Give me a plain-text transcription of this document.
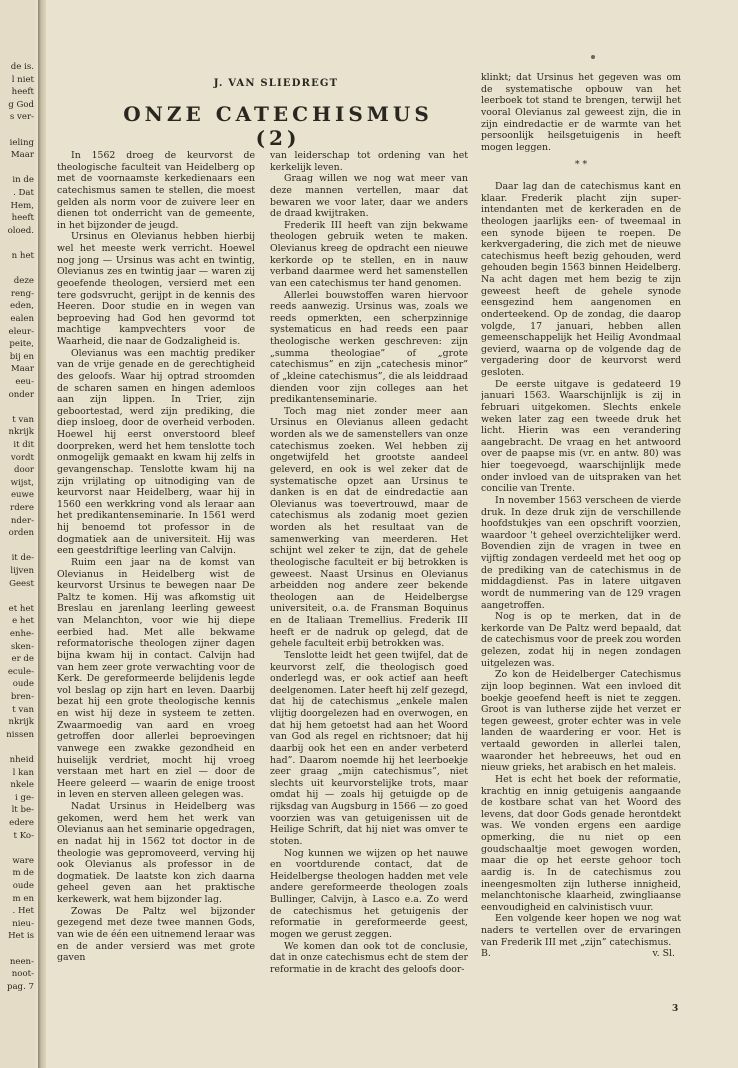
de is.
l niet
heeft
g God
s ver-
ieling
Maar
in de
. Dat
Hem,
heeft
oloed.
n het
deze
reng-
eden,
ealen
eleur-
peite,
bij en
Maar
eeu-
onder
t van
nkrijk
it dit
vordt
door
wijst,
euwe
rdere
nder-
orden
it de-
lijven
Geest
et het
e het
enhe-
sken-
er de
ecule-
oude
bren-
t van
nkrijk
nissen
nheid
l kan
nkele
i ge-
lt be-
edere
t Ko-
ware
m de
oude
m en
. Het
nieu-
Het is
neen-
noot-
pag. 7
J. VAN SLIEDREGT
ONZE CATECHISMUS (2)

In 1562 droeg de keurvorst de theologische faculteit van Heidelberg op met de voornaamste kerkedienaars een catechismus samen te stellen, die moest gelden als norm voor de zuivere leer en dienen tot onderricht van de gemeente, in het bijzonder de jeugd.

Ursinus en Olevianus hebben hierbij wel het meeste werk verricht. Hoewel nog jong — Ursinus was acht en twintig, Olevianus zes en twintig jaar — waren zij geoefende theologen, versierd met een tere godsvrucht, gerijpt in de kennis des Heeren. Door studie en in wegen van beproeving had God hen gevormd tot machtige kampvechters voor de Waarheid, die naar de Godzaligheid is.

Olevianus was een machtig prediker van de vrije genade en de gerechtigheid des geloofs. Waar hij optrad stroomden de scharen samen en hingen ademloos aan zijn lippen. In Trier, zijn geboortestad, werd zijn prediking, die diep insloeg, door de overheid verboden. Hoewel hij eerst onverstoord bleef doorpreken, werd het hem tenslotte toch onmogelijk gemaakt en kwam hij zelfs in gevangenschap. Tenslotte kwam hij na zijn vrijlating op uitnodiging van de keurvorst naar Heidelberg, waar hij in 1560 een werkkring vond als leraar aan het predikantenseminarie. In 1561 werd hij benoemd tot professor in de dogmatiek aan de universiteit. Hij was een geestdriftige leerling van Calvijn.

Ruim een jaar na de komst van Olevianus in Heidelberg wist de keurvorst Ursinus te bewegen naar De Paltz te komen. Hij was afkomstig uit Breslau en jarenlang leerling geweest van Melanchton, voor wie hij diepe eerbied had. Met alle bekwame reformatorische theologen zijner dagen bijna kwam hij in contact. Calvijn had van hem zeer grote verwachting voor de Kerk. De gereformeerde belijdenis legde vol beslag op zijn hart en leven. Daarbij bezat hij een grote theologische kennis en wist hij deze in systeem te zetten. Zwaarmoedig van aard en vroeg getroffen door allerlei beproevingen vanwege een zwakke gezondheid en huiselijk verdriet, mocht hij vroeg verstaan met hart en ziel — door de Heere geleerd — waarin de enige troost in leven en sterven alleen gelegen was.

Nadat Ursinus in Heidelberg was gekomen, werd hem het werk van Olevianus aan het seminarie opgedragen, en nadat hij in 1562 tot doctor in de theologie was gepromoveerd, verving hij ook Olevianus als professor in de dogmatiek. De laatste kon zich daarna geheel geven aan het praktische kerkewerk, wat hem bijzonder lag.

Zowas De Paltz wel bijzonder gezegend met deze twee mannen Gods, van wie de één een uitnemend leraar was en de ander versierd was met grote gaven

van leiderschap tot ordening van het kerkelijk leven.

Graag willen we nog wat meer van deze mannen vertellen, maar dat bewaren we voor later, daar we anders de draad kwijtraken.

Frederik III heeft van zijn bekwame theologen gebruik weten te maken. Olevianus kreeg de opdracht een nieuwe kerkorde op te stellen, en in nauw verband daarmee werd het samenstellen van een catechismus ter hand genomen.

Allerlei bouwstoffen waren hiervoor reeds aanwezig. Ursinus was, zoals we reeds opmerkten, een scherpzinnige systematicus en had reeds een paar theologische werken geschreven: zijn „summa theologiae” of „grote catechismus” en zijn „catechesis minor” of „kleine catechismus”, die als leiddraad dienden voor zijn colleges aan het predikantenseminarie.

Toch mag niet zonder meer aan Ursinus en Olevianus alleen gedacht worden als we de samenstellers van onze catechismus zoeken. Wel hebben zij ongetwijfeld het grootste aandeel geleverd, en ook is wel zeker dat de systematische opzet aan Ursinus te danken is en dat de eindredactie aan Olevianus was toevertrouwd, maar de catechismus als zodanig moet gezien worden als het resultaat van de samenwerking van meerderen. Het schijnt wel zeker te zijn, dat de gehele theologische faculteit er bij betrokken is geweest. Naast Ursinus en Olevianus arbeidden nog andere zeer bekende theologen aan de Heidelbergse universiteit, o.a. de Fransman Boquinus en de Italiaan Tremellius. Frederik III heeft er de nadruk op gelegd, dat de gehele faculteit erbij betrokken was.

Tenslotte leidt het geen twijfel, dat de keurvorst zelf, die theologisch goed onderlegd was, er ook actief aan heeft deelgenomen. Later heeft hij zelf gezegd, dat hij de catechismus „enkele malen vlijtig doorgelezen had en overwogen, en dat hij hem getoetst had aan het Woord van God als regel en richtsnoer; dat hij daarbij ook het een en ander verbeterd had”. Daarom noemde hij het leerboekje zeer graag „mijn catechismus”, niet slechts uit keurvorstelijke trots, maar omdat hij — zoals hij getuigde op de rijksdag van Augsburg in 1566 — zo goed voorzien was van getuigenissen uit de Heilige Schrift, dat hij niet was omver te stoten.

Nog kunnen we wijzen op het nauwe en voortdurende contact, dat de Heidelbergse theologen hadden met vele andere gereformeerde theologen zoals Bullinger, Calvijn, à Lasco e.a. Zo werd de catechismus het getuigenis der reformatie in gereformeerde geest, mogen we gerust zeggen.

We komen dan ook tot de conclusie, dat in onze catechismus echt de stem der reformatie in de kracht des geloofs door-

klinkt; dat Ursinus het gegeven was om de systematische opbouw van het leerboek tot stand te brengen, terwijl het vooral Olevianus zal geweest zijn, die in zijn eindredactie er de warmte van het persoonlijk heilsgetuigenis in heeft mogen leggen.

* *

Daar lag dan de catechismus kant en klaar. Frederik placht zijn super-intendanten met de kerkeraden en de theologen jaarlijks een- of tweemaal in een synode bijeen te roepen. De kerkvergadering, die zich met de nieuwe catechismus heeft bezig gehouden, werd gehouden begin 1563 binnen Heidelberg. Na acht dagen met hem bezig te zijn geweest heeft de gehele synode eensgezind hem aangenomen en onderteekend. Op de zondag, die daarop volgde, 17 januari, hebben allen gemeenschappelijk het Heilig Avondmaal gevierd, waarna op de volgende dag de vergadering door de keurvorst werd gesloten.

De eerste uitgave is gedateerd 19 januari 1563. Waarschijnlijk is zij in februari uitgekomen. Slechts enkele weken later zag een tweede druk het licht. Hierin was een verandering aangebracht. De vraag en het antwoord over de paapse mis (vr. en antw. 80) was hier toegevoegd, waarschijnlijk mede onder invloed van de uitspraken van het concilie van Trente.

In november 1563 verscheen de vierde druk. In deze druk zijn de verschillende hoofdstukjes van een opschrift voorzien, waardoor 't geheel overzichtelijker werd. Bovendien zijn de vragen in twee en vijftig zondagen verdeeld met het oog op de prediking van de catechismus in de middagdienst. Pas in latere uitgaven wordt de nummering van de 129 vragen aangetroffen.

Nog is op te merken, dat in de kerkorde van De Paltz werd bepaald, dat de catechismus voor de preek zou worden gelezen, zodat hij in negen zondagen uitgelezen was.

Zo kon de Heidelberger Catechismus zijn loop beginnen. Wat een invloed dit boekje geoefend heeft is niet te zeggen. Groot is van lutherse zijde het verzet er tegen geweest, groter echter was in vele landen de waardering er voor. Het is vertaald geworden in allerlei talen, waaronder het hebreeuws, het oud en nieuw grieks, het arabisch en het maleis.

Het is echt het boek der reformatie, krachtig en innig getuigenis aangaande de kostbare schat van het Woord des levens, dat door Gods genade herontdekt was. We vonden ergens een aardige opmerking, die nu niet op een goudschaaltje moet gewogen worden, maar die op het eerste gehoor toch aardig is. In de catechismus zou ineengesmolten zijn lutherse innigheid, melanchtonische klaarheid, zwingliaanse eenvoudigheid en calvinistisch vuur.

Een volgende keer hopen we nog wat naders te vertellen over de ervaringen van Frederik III met „zijn” catechismus.

B.	v. Sl.
3
